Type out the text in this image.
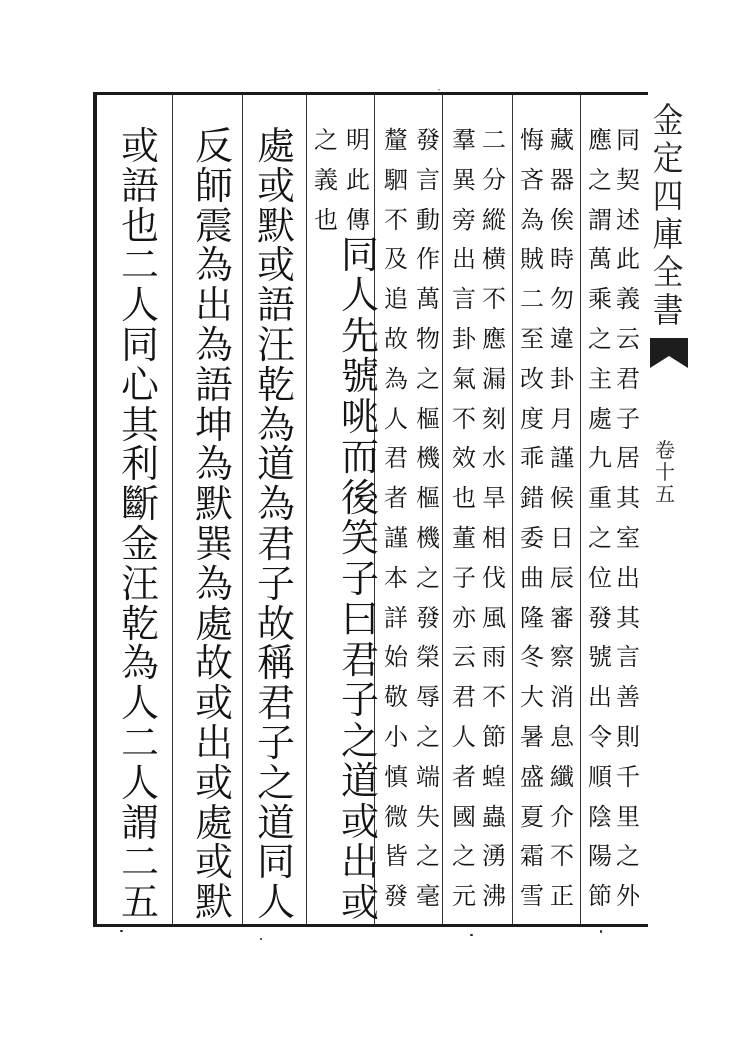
᛫
金
定
四
庫
全
書
卷
十
五
同
契
述
此
義
云
君
子
居
其
室
出
其
言
善
則
千
里
之
外
應
之
謂
萬
乘
之
主
處
九
重
之
位
發
號
出
令
順
陰
陽
節
藏
器
俟
時
勿
違
卦
月
謹
候
日
辰
審
察
消
息
纖
介
不
正
悔
吝
為
賊
二
至
改
度
乖
錯
委
曲
隆
冬
大
暑
盛
夏
霜
雪
二
分
縱
横
不
應
漏
刻
水
旱
相
伐
風
雨
不
節
蝗
蟲
湧
沸
羣
異
旁
出
言
卦
氣
不
效
也
董
子
亦
云
君
人
者
國
之
元
發
言
動
作
萬
物
之
樞
機
樞
機
之
發
榮
辱
之
端
失
之
毫
釐
駟
不
及
追
故
為
人
君
者
謹
本
詳
始
敬
小
慎
微
皆
發
明
此
傳
之
義
也
同
人
先
號
咷
而
後
笑
子
曰
君
子
之
道
或
出
或
處
或
默
或
語
汪
乾
為
道
為
君
子
故
稱
君
子
之
道
同
人
反
師
震
為
出
為
語
坤
為
默
巽
為
處
故
或
出
或
處
或
默
或
語
也
二
人
同
心
其
利
斷
金
汪
乾
為
人
二
人
謂
二
五
